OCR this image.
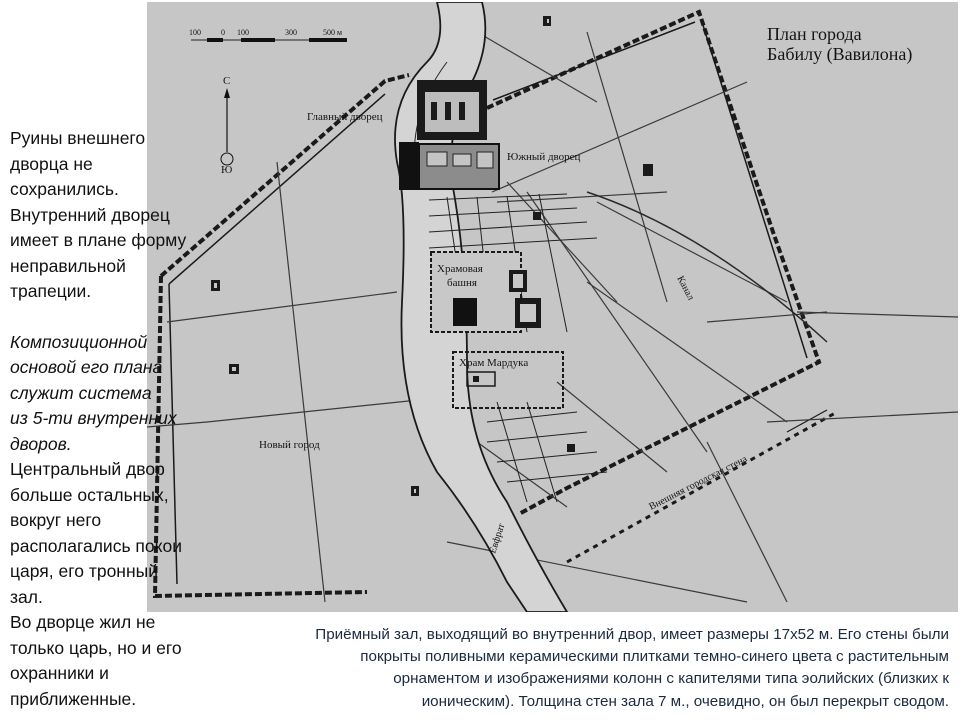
100	0 100	300	500 м
С
Ю
План города
Бабилу (Вавилона)
Главный дворец
Южный дворец
Храмовая
башня
Храм Мардука
Новый город
Канал
Евфрат
Внешняя городская стена

Руины внешнего

дворца не

сохранились.

Внутренний дворец

имеет в плане форму

неправильной

трапеции.

Композиционной

основой его плана

служит система

из 5-ти внутренних

дворов.

Центральный двор

больше остальных,

вокруг него

располагались покои

царя, его тронный

зал.

Во дворце жил не

только царь, но и его

охранники и

приближенные.

Приёмный зал, выходящий во внутренний двор, имеет размеры 17х52 м. Его стены были
покрыты поливными керамическими плитками темно-синего цвета с растительным
орнаментом и изображениями колонн с капителями типа эолийских (близких к
ионическим). Толщина стен зала 7 м., очевидно, он был перекрыт сводом.
